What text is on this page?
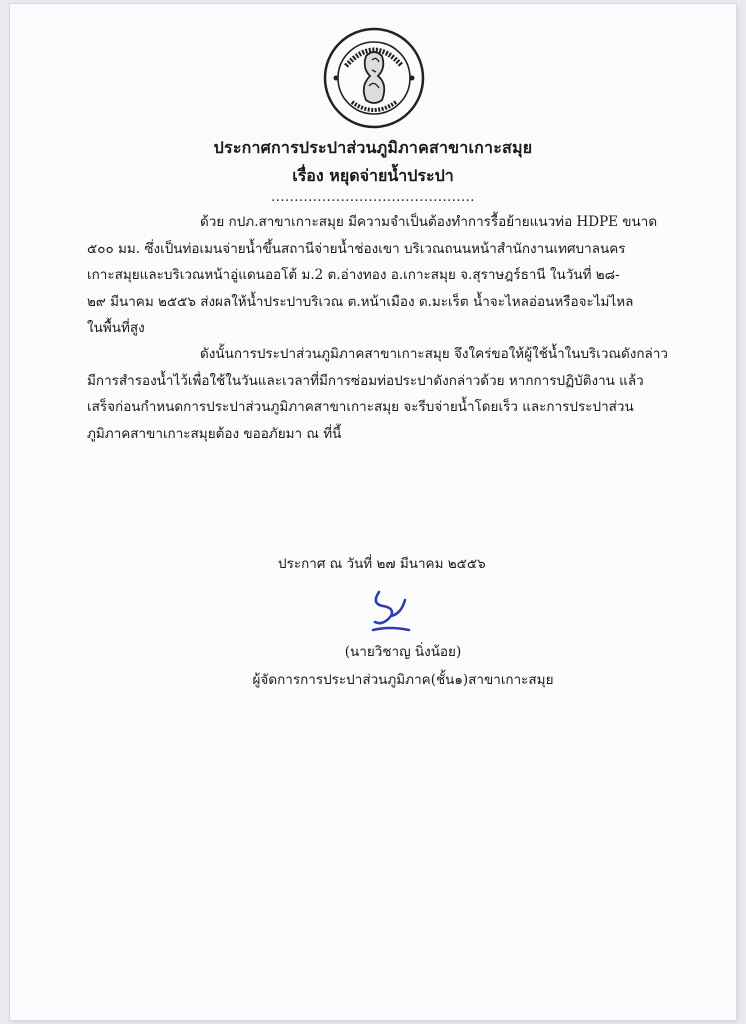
ประกาศการประปาส่วนภูมิภาคสาขาเกาะสมุย
เรื่อง หยุดจ่ายน้ำประปา
............................................
ด้วย กปภ.สาขาเกาะสมุย มีความจำเป็นต้องทำการรื้อย้ายแนวท่อ HDPE ขนาด
๕๐๐ มม. ซึ่งเป็นท่อเมนจ่ายน้ำขึ้นสถานีจ่ายน้ำช่องเขา บริเวณถนนหน้าสำนักงานเทศบาลนคร
เกาะสมุยและบริเวณหน้าอู่แดนออโต้ ม.2 ต.อ่างทอง อ.เกาะสมุย จ.สุราษฎร์ธานี ในวันที่ ๒๘-
๒๙ มีนาคม ๒๕๕๖ ส่งผลให้น้ำประปาบริเวณ ต.หน้าเมือง ต.มะเร็ต น้ำจะไหลอ่อนหรือจะไม่ไหล
ในพื้นที่สูง
ดังนั้นการประปาส่วนภูมิภาคสาขาเกาะสมุย จึงใคร่ขอให้ผู้ใช้น้ำในบริเวณดังกล่าว
มีการสำรองน้ำไว้เพื่อใช้ในวันและเวลาที่มีการซ่อมท่อประปาดังกล่าวด้วย หากการปฏิบัติงาน แล้ว
เสร็จก่อนกำหนดการประปาส่วนภูมิภาคสาขาเกาะสมุย จะรีบจ่ายน้ำโดยเร็ว และการประปาส่วน
ภูมิภาคสาขาเกาะสมุยต้อง ขออภัยมา ณ ที่นี้
ประกาศ ณ วันที่ ๒๗ มีนาคม ๒๕๕๖
(นายวิชาญ นิ่งน้อย)
ผู้จัดการการประปาส่วนภูมิภาค(ชั้น๑)สาขาเกาะสมุย
